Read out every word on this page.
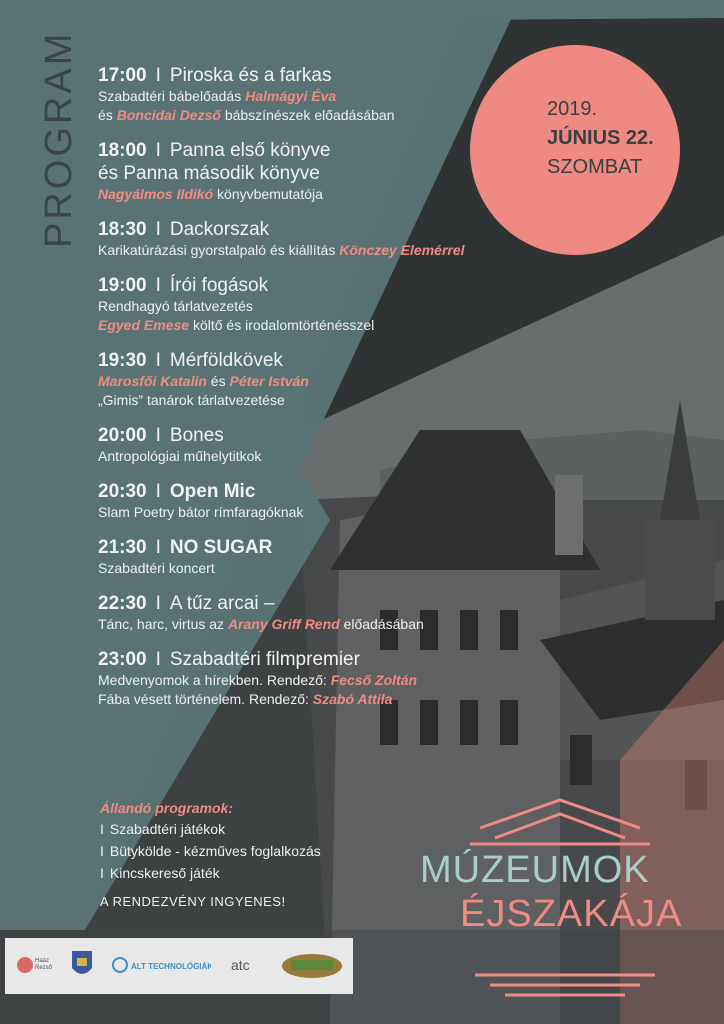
PROGRAM	2019.
JÚNIUS 22.
SZOMBAT
17:00 I Piroska és a farkas
Szabadtéri bábelőadás Halmágyi Éva
és Boncidai Dezső bábszínészek előadásában
18:00 I Panna első könyve
és Panna második könyve
Nagyálmos Ildikó könyvbemutatója
18:30 I Dackorszak
Karikatúrázási gyorstalpaló és kiállítás Könczey Elemérrel
19:00 I Írói fogások
Rendhagyó tárlatvezetés
Egyed Emese költő és irodalomtörténésszel
19:30 I Mérföldkövek
Marosfői Katalin és Péter István
„Gimis” tanárok tárlatvezetése
20:00 I Bones
Antropológiai műhelytitkok
20:30 I Open Mic
Slam Poetry bátor rímfaragóknak
21:30 I NO SUGAR
Szabadtéri koncert
22:30 I A tűz arcai –
Tánc, harc, virtus az Arany Griff Rend előadásában
23:00 I Szabadtéri filmpremier
Medvenyomok a hírekben. Rendező: Fecső Zoltán
Fába vésett történelem. Rendező: Szabó Attila
Állandó programok:
I Szabadtéri játékok
I Bütykölde - kézműves foglalkozás
I Kincskereső játék
A RENDEZVÉNY INGYENES!
MÚZEUMOK
ÉJSZAKÁJA
Haáz
Rezső	ALT TECHNOLÓGIÁK atc
